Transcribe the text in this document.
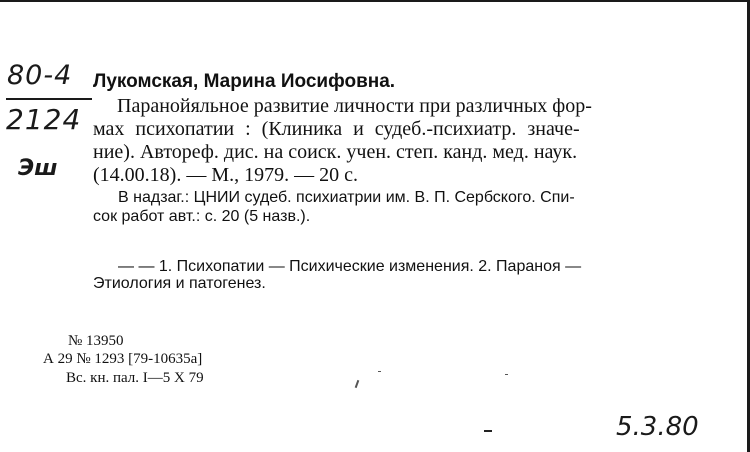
80-4
2124
Эш
Лукомская, Марина Иосифовна.
Паранойяльное развитие личности при различных фор-
мах психопатии : (Клиника и судеб.-психиатр. значе-
ние). Автореф. дис. на соиск. учен. степ. канд. мед. наук.
(14.00.18). — М., 1979. — 20 с.
В надзаг.: ЦНИИ судеб. психиатрии им. В. П. Сербского. Спи-
сок работ авт.: с. 20 (5 назв.).
— — 1. Психопатии — Психические изменения. 2. Параноя —
Этиология и патогенез.
№ 13950
А 29 № 1293 [79-10635а]
Вс. кн. пал. I—5 X 79
5.3.80
